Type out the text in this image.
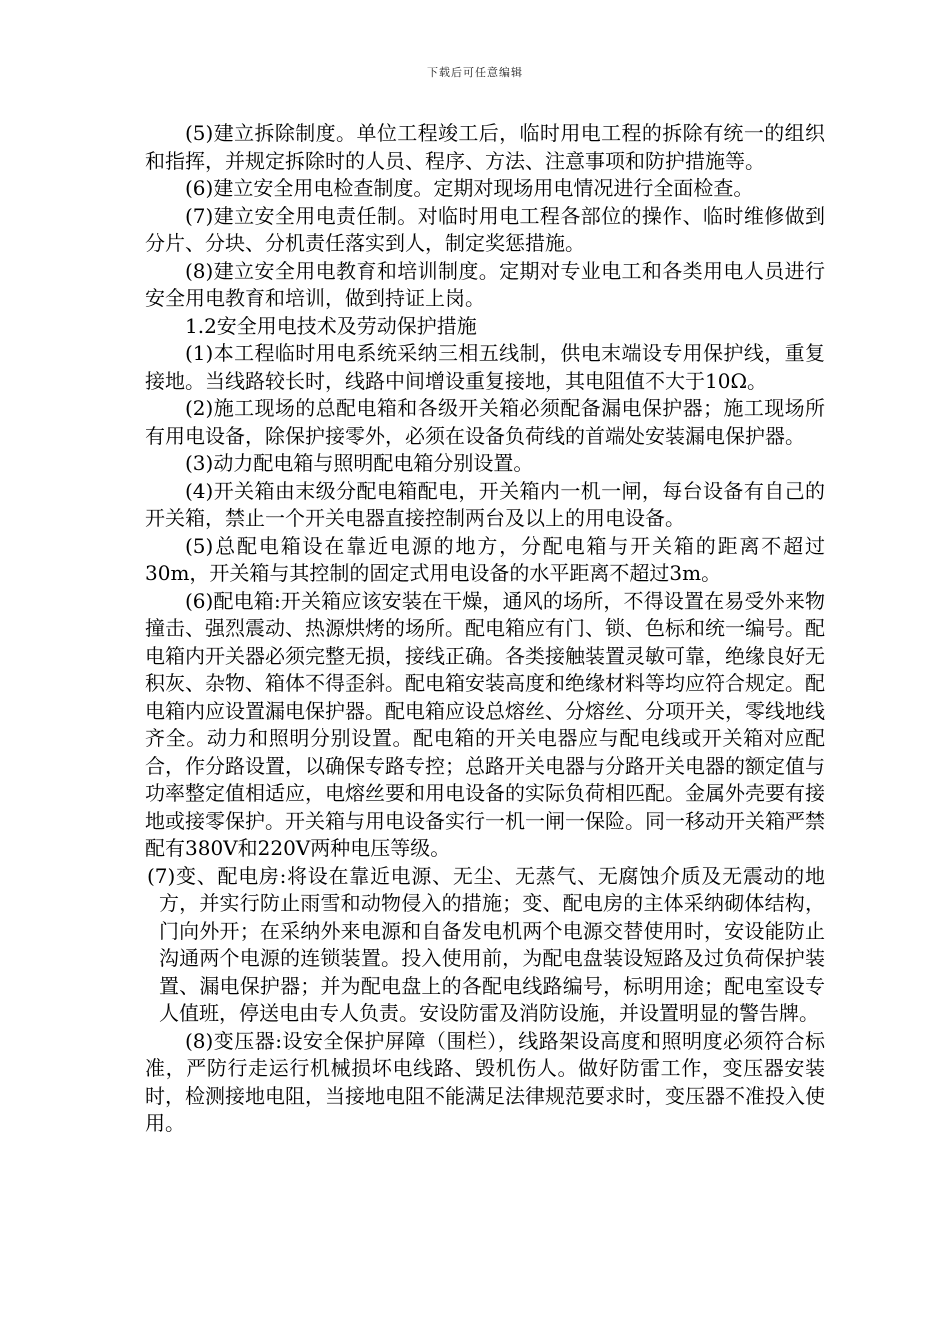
下载后可任意编辑

(5)建立拆除制度。单位工程竣工后，临时用电工程的拆除有统一的组织和指挥，并规定拆除时的人员、程序、方法、注意事项和防护措施等。

(6)建立安全用电检查制度。定期对现场用电情况进行全面检查。

(7)建立安全用电责任制。对临时用电工程各部位的操作、临时维修做到分片、分块、分机责任落实到人，制定奖惩措施。

(8)建立安全用电教育和培训制度。定期对专业电工和各类用电人员进行安全用电教育和培训，做到持证上岗。

1.2安全用电技术及劳动保护措施

(1)本工程临时用电系统采纳三相五线制，供电末端设专用保护线，重复接地。当线路较长时，线路中间增设重复接地，其电阻值不大于10Ω。

(2)施工现场的总配电箱和各级开关箱必须配备漏电保护器；施工现场所有用电设备，除保护接零外，必须在设备负荷线的首端处安装漏电保护器。

(3)动力配电箱与照明配电箱分别设置。

(4)开关箱由末级分配电箱配电，开关箱内一机一闸，每台设备有自己的开关箱，禁止一个开关电器直接控制两台及以上的用电设备。

(5)总配电箱设在靠近电源的地方，分配电箱与开关箱的距离不超过30m，开关箱与其控制的固定式用电设备的水平距离不超过3m。

(6)配电箱:开关箱应该安装在干燥，通风的场所，不得设置在易受外来物撞击、强烈震动、热源烘烤的场所。配电箱应有门、锁、色标和统一编号。配电箱内开关器必须完整无损，接线正确。各类接触装置灵敏可靠，绝缘良好无积灰、杂物、箱体不得歪斜。配电箱安装高度和绝缘材料等均应符合规定。配电箱内应设置漏电保护器。配电箱应设总熔丝、分熔丝、分项开关，零线地线齐全。动力和照明分别设置。配电箱的开关电器应与配电线或开关箱对应配合，作分路设置，以确保专路专控；总路开关电器与分路开关电器的额定值与功率整定值相适应，电熔丝要和用电设备的实际负荷相匹配。金属外壳要有接地或接零保护。开关箱与用电设备实行一机一闸一保险。同一移动开关箱严禁配有380V和220V两种电压等级。

(7)变、配电房:将设在靠近电源、无尘、无蒸气、无腐蚀介质及无震动的地方，并实行防止雨雪和动物侵入的措施；变、配电房的主体采纳砌体结构，门向外开；在采纳外来电源和自备发电机两个电源交替使用时，安设能防止沟通两个电源的连锁装置。投入使用前，为配电盘装设短路及过负荷保护装置、漏电保护器；并为配电盘上的各配电线路编号，标明用途；配电室设专人值班，停送电由专人负责。安设防雷及消防设施，并设置明显的警告牌。

(8)变压器:设安全保护屏障（围栏），线路架设高度和照明度必须符合标准，严防行走运行机械损坏电线路、毁机伤人。做好防雷工作，变压器安装时，检测接地电阻，当接地电阻不能满足法律规范要求时，变压器不准投入使用。
